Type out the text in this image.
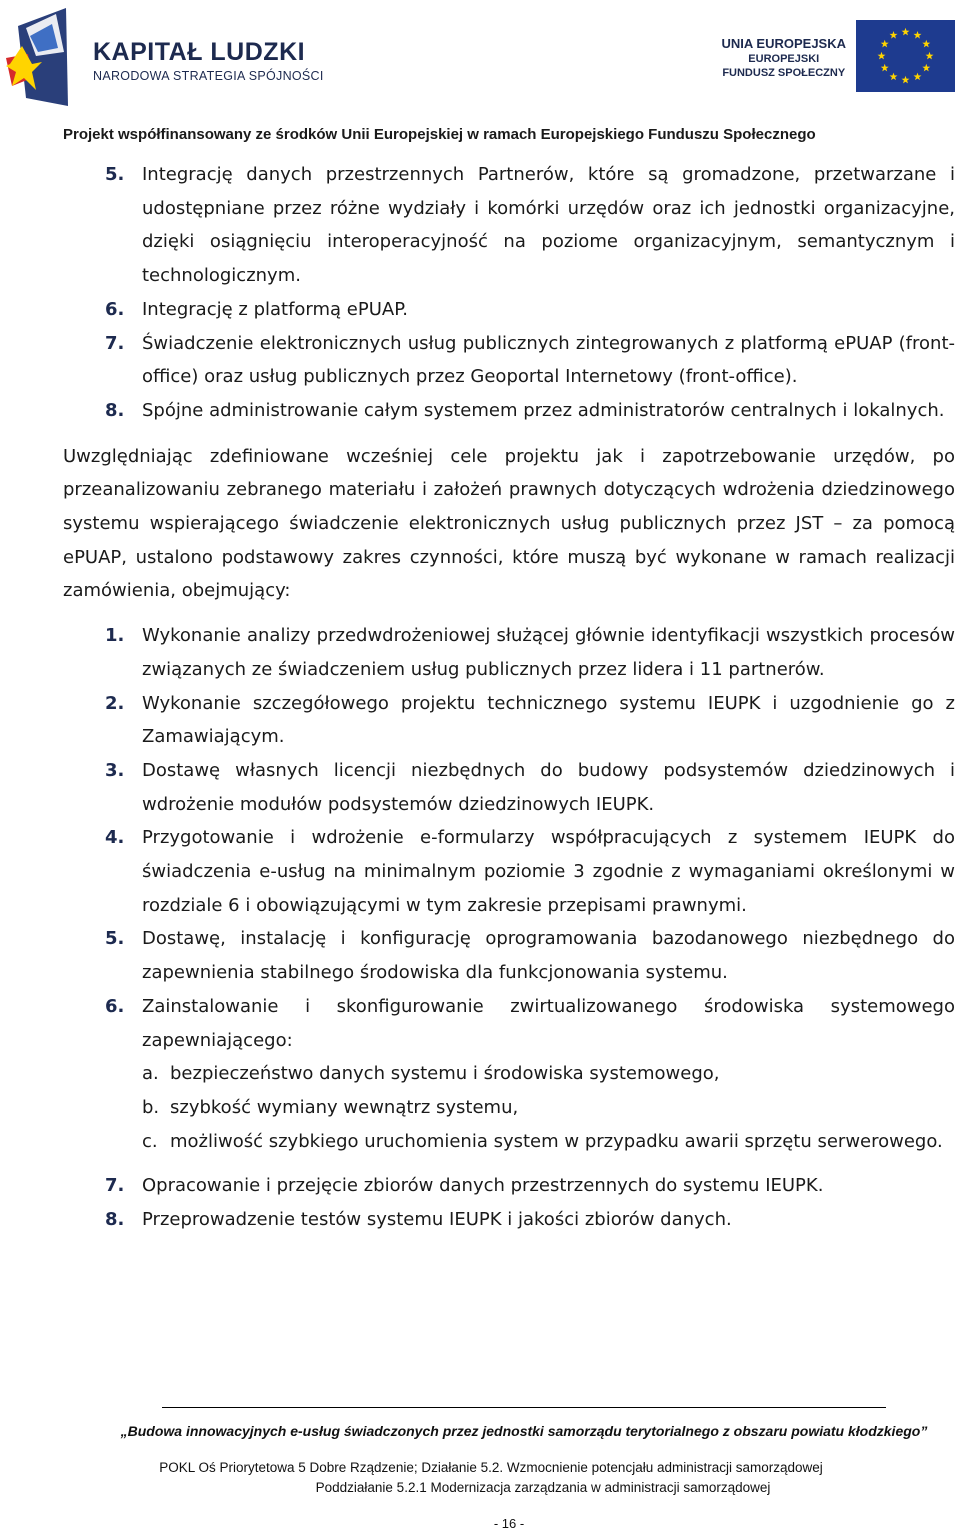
KAPITAŁ LUDZKI
NARODOWA STRATEGIA SPÓJNOŚCI
UNIA EUROPEJSKA
EUROPEJSKI
FUNDUSZ SPOŁECZNY
Projekt współfinansowany ze środków Unii Europejskiej w ramach Europejskiego Funduszu Społecznego
5. Integrację danych przestrzennych Partnerów, które są gromadzone, przetwarzane i udostępniane przez różne wydziały i komórki urzędów oraz ich jednostki organizacyjne, dzięki osiągnięciu interoperacyjność na poziome organizacyjnym, semantycznym i technologicznym.
6. Integrację z platformą ePUAP.
7. Świadczenie elektronicznych usług publicznych zintegrowanych z platformą ePUAP (front-office) oraz usług publicznych przez Geoportal Internetowy (front-office).
8. Spójne administrowanie całym systemem przez administratorów centralnych i lokalnych.
Uwzględniając zdefiniowane wcześniej cele projektu jak i zapotrzebowanie urzędów, po przeanalizowaniu zebranego materiału i założeń prawnych dotyczących wdrożenia dziedzinowego systemu wspierającego świadczenie elektronicznych usług publicznych przez JST – za pomocą ePUAP, ustalono podstawowy zakres czynności, które muszą być wykonane w ramach realizacji zamówienia, obejmujący:
1. Wykonanie analizy przedwdrożeniowej służącej głównie identyfikacji wszystkich procesów związanych ze świadczeniem usług publicznych przez lidera i 11 partnerów.
2. Wykonanie szczegółowego projektu technicznego systemu IEUPK i uzgodnienie go z Zamawiającym.
3. Dostawę własnych licencji niezbędnych do budowy podsystemów dziedzinowych i wdrożenie modułów podsystemów dziedzinowych IEUPK.
4. Przygotowanie i wdrożenie e-formularzy współpracujących z systemem IEUPK do świadczenia e-usług na minimalnym poziomie 3 zgodnie z wymaganiami określonymi w rozdziale 6 i obowiązującymi w tym zakresie przepisami prawnymi.
5. Dostawę, instalację i konfigurację oprogramowania bazodanowego niezbędnego do zapewnienia stabilnego środowiska dla funkcjonowania systemu.
6. Zainstalowanie i skonfigurowanie zwirtualizowanego środowiska systemowego zapewniającego:
a. bezpieczeństwo danych systemu i środowiska systemowego,
b. szybkość wymiany wewnątrz systemu,
c. możliwość szybkiego uruchomienia system w przypadku awarii sprzętu serwerowego.
7. Opracowanie i przejęcie zbiorów danych przestrzennych do systemu IEUPK.
8. Przeprowadzenie testów systemu IEUPK i jakości zbiorów danych.
„Budowa innowacyjnych e-usług świadczonych przez jednostki samorządu terytorialnego z obszaru powiatu kłodzkiego”
POKL Oś Priorytetowa 5 Dobre Rządzenie; Działanie 5.2. Wzmocnienie potencjału administracji samorządowej
Poddziałanie 5.2.1 Modernizacja zarządzania w administracji samorządowej
- 16 -
